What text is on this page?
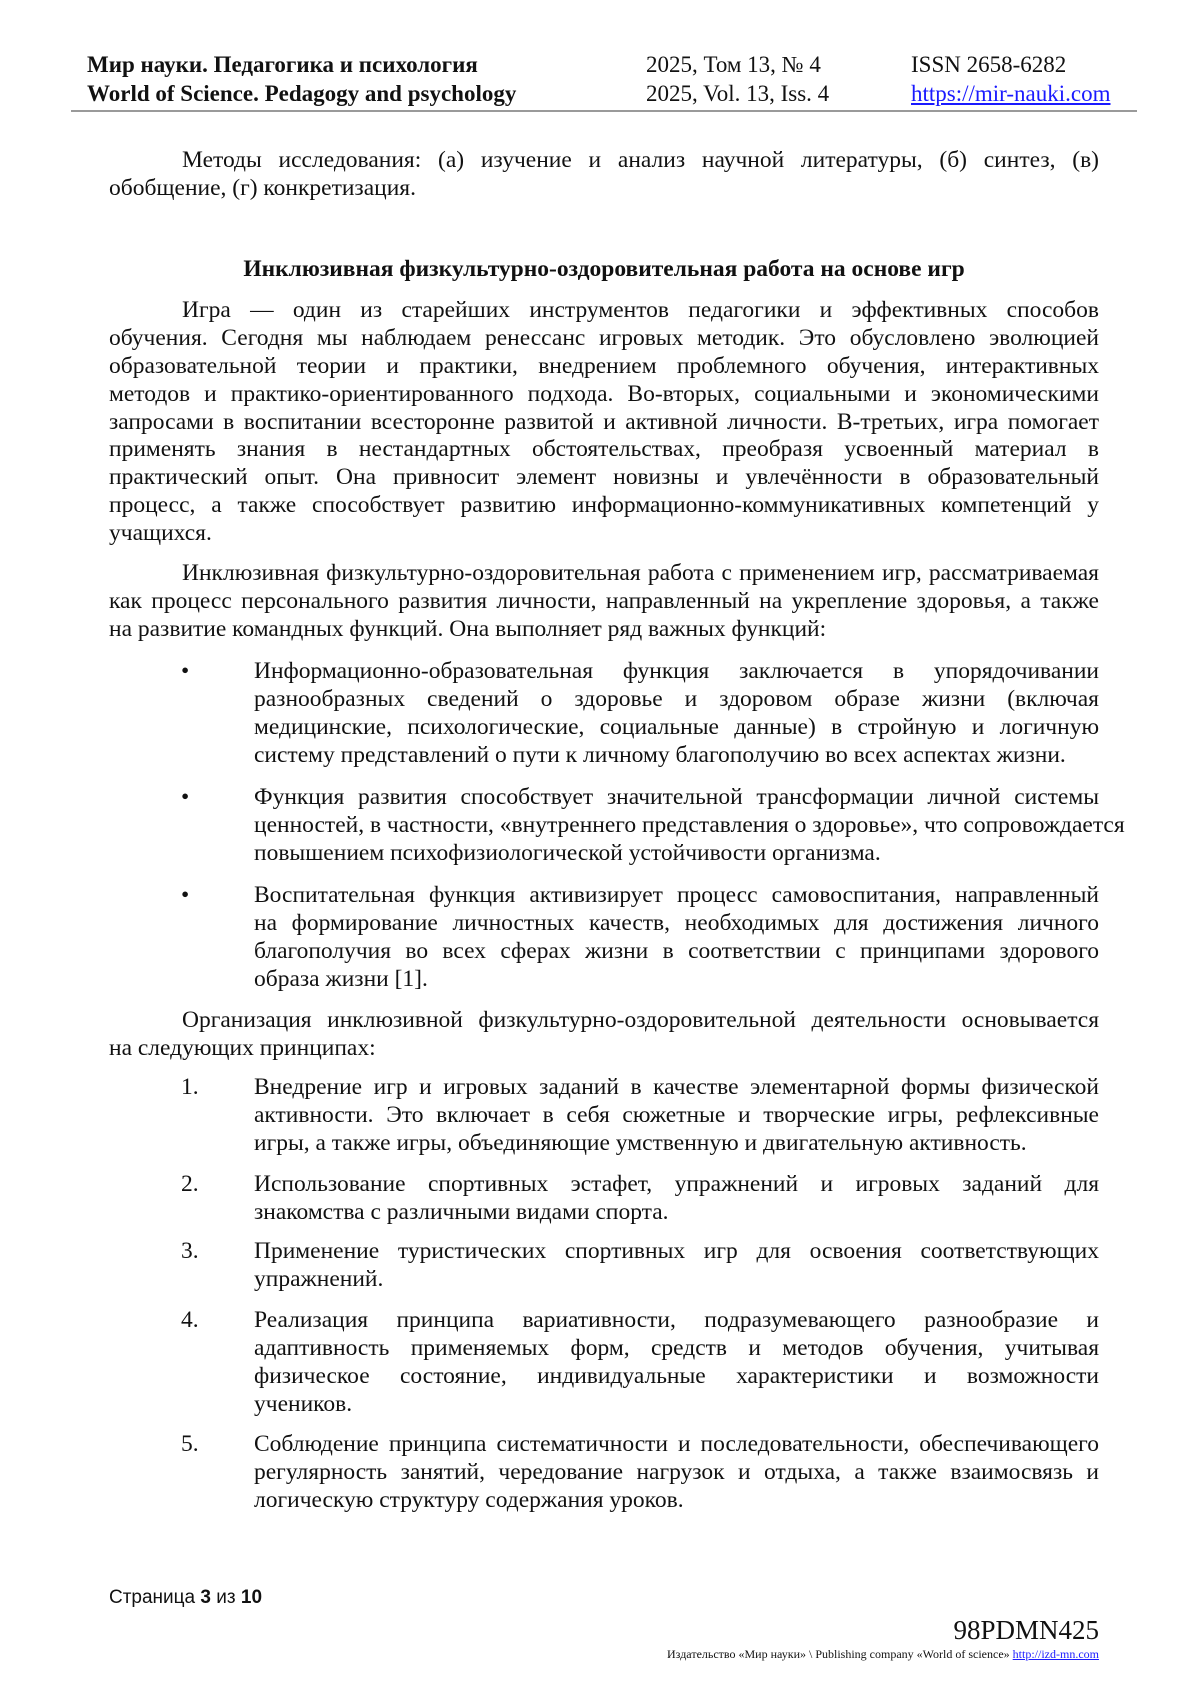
Мир науки. Педагогика и психология
World of Science. Pedagogy and psychology
2025, Том 13, № 4
2025, Vol. 13, Iss. 4
ISSN 2658-6282
https://mir-nauki.com
Методы исследования: (а) изучение и анализ научной литературы, (б) синтез, (в)
обобщение, (г) конкретизация.
Инклюзивная физкультурно-оздоровительная работа на основе игр
Игра — один из старейших инструментов педагогики и эффективных способов
обучения. Сегодня мы наблюдаем ренессанс игровых методик. Это обусловлено эволюцией
образовательной теории и практики, внедрением проблемного обучения, интерактивных
методов и практико-ориентированного подхода. Во-вторых, социальными и экономическими
запросами в воспитании всесторонне развитой и активной личности. В-третьих, игра помогает
применять знания в нестандартных обстоятельствах, преобразя усвоенный материал в
практический опыт. Она привносит элемент новизны и увлечённости в образовательный
процесс, а также способствует развитию информационно-коммуникативных компетенций у
учащихся.
Инклюзивная физкультурно-оздоровительная работа с применением игр, рассматриваемая
как процесс персонального развития личности, направленный на укрепление здоровья, а также
на развитие командных функций. Она выполняет ряд важных функций:
•	Информационно-образовательная функция заключается в упорядочивании
разнообразных сведений о здоровье и здоровом образе жизни (включая
медицинские, психологические, социальные данные) в стройную и логичную
систему представлений о пути к личному благополучию во всех аспектах жизни.
•	Функция развития способствует значительной трансформации личной системы
ценностей, в частности, «внутреннего представления о здоровье», что сопровождается
повышением психофизиологической устойчивости организма.
•	Воспитательная функция активизирует процесс самовоспитания, направленный
на формирование личностных качеств, необходимых для достижения личного
благополучия во всех сферах жизни в соответствии с принципами здорового
образа жизни [1].
Организация инклюзивной физкультурно-оздоровительной деятельности основывается
на следующих принципах:
1. Внедрение игр и игровых заданий в качестве элементарной формы физической
активности. Это включает в себя сюжетные и творческие игры, рефлексивные
игры, а также игры, объединяющие умственную и двигательную активность.
2. Использование спортивных эстафет, упражнений и игровых заданий для
знакомства с различными видами спорта.
3. Применение туристических спортивных игр для освоения соответствующих
упражнений.
4. Реализация принципа вариативности, подразумевающего разнообразие и
адаптивность применяемых форм, средств и методов обучения, учитывая
физическое состояние, индивидуальные характеристики и возможности
учеников.
5. Соблюдение принципа систематичности и последовательности, обеспечивающего
регулярность занятий, чередование нагрузок и отдыха, а также взаимосвязь и
логическую структуру содержания уроков.
Страница 3 из 10
98PDMN425
Издательство «Мир науки» \ Publishing company «World of science» http://izd-mn.com
